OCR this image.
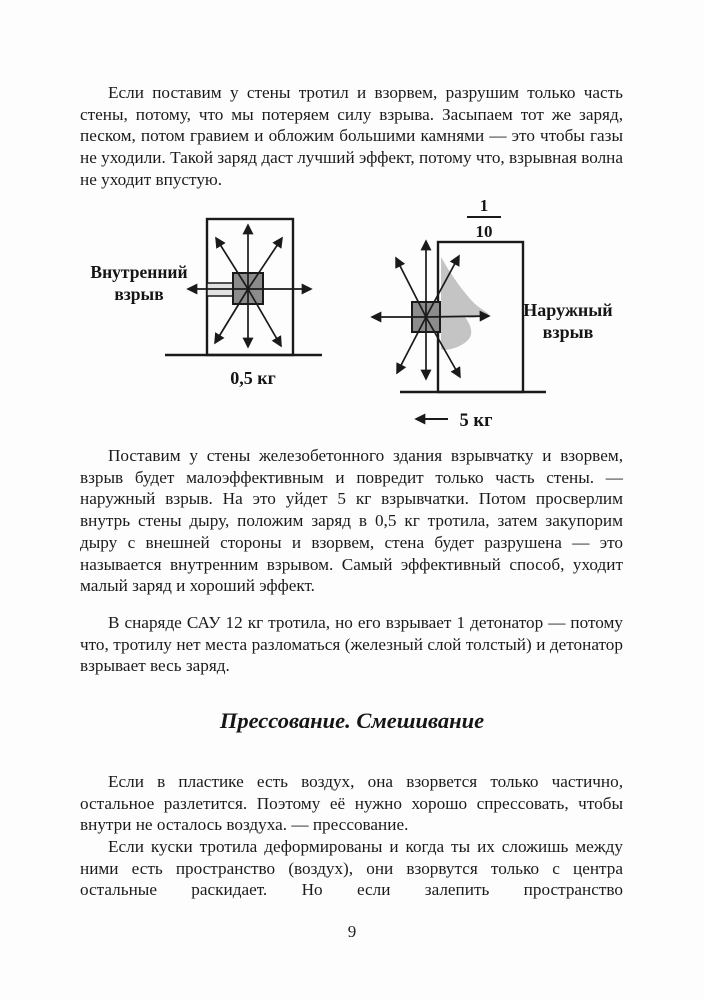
Если поставим у стены тротил и взорвем, разрушим только часть стены, потому, что мы потеряем силу взрыва. Засыпаем тот же заряд, песком, потом гравием и обложим большими камнями — это чтобы газы не уходили. Такой заряд даст лучший эффект, потому что, взрывная волна не уходит впустую.

Внутренний
взрыв
0,5 кг
1
10
Наружный
взрыв
5 кг

Поставим у стены железобетонного здания взрывчатку и взорвем, взрыв будет малоэффективным и повредит только часть стены. — наружный взрыв. На это уйдет 5 кг взрывчатки. Потом просверлим внутрь стены дыру, положим заряд в 0,5 кг тротила, затем закупорим дыру с внешней стороны и взорвем, стена будет разрушена — это называется внутренним взрывом. Самый эффективный способ, уходит малый заряд и хороший эффект.

В снаряде САУ 12 кг тротила, но его взрывает 1 детонатор — потому что, тротилу нет места разломаться (железный слой толстый) и детонатор взрывает весь заряд.

Прессование. Смешивание

Если в пластике есть воздух, она взорвется только частично, остальное разлетится. Поэтому её нужно хорошо спрессовать, чтобы внутри не осталось воздуха. — прессование.

Если куски тротила деформированы и когда ты их сложишь между ними есть пространство (воздух), они взорвутся только с центра остальные раскидает. Но если залепить пространство

9
